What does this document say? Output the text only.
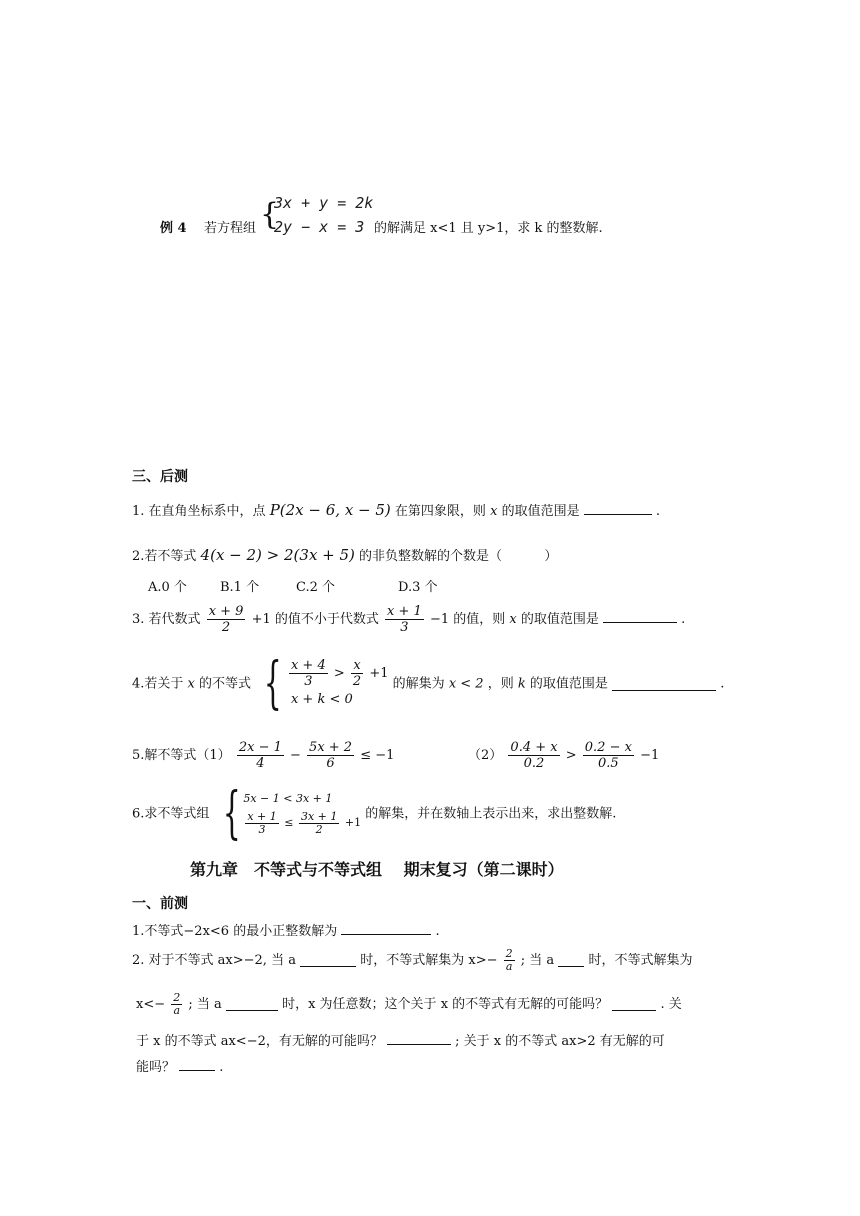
例 4 若方程组 {
3x + y = 2k
2y − x = 3 的解满足 x<1 且 y>1，求 k 的整数解.
三、后测
1. 在直角坐标系中，点 P(2x − 6, x − 5) 在第四象限，则 x 的取值范围是	.
2.若不等式 4(x − 2) > 2(3x + 5) 的非负整数解的个数是（	）
A.0 个	B.1 个	C.2 个	D.3 个
3. 若代数式 $\frac{x + 9}{2} +1$ 的值不小于代数式 $\frac{x + 1}{3} -1$ 的值，则 x 的取值范围是	.
4.若关于 x 的不等式 { $\frac{x + 4}{3} > \frac{x}{2} +1$
x + k < 0
的解集为 x < 2 ，则 k 的取值范围是	.
5.解不等式$(1) \frac{2x - 1}{4} - \frac{5x + 2}{6} \le -1$	$(2) \frac{0.4 + x}{0.2} > \frac{0.2 - x}{0.5} -1$
6.求不等式组 { 5x − 1 < 3x + 1
$\frac{x + 1}{3} \le \frac{3x + 1}{2} +1$
的解集，并在数轴上表示出来，求出整数解.
第九章　不等式与不等式组　 期末复习（第二课时）
一、前测
1.不等式−2x<6 的最小正整数解为	.
2. 对于不等式 ax>−2, 当 a	时，不等式解集为 $x>- \frac{2}{a}$ ; 当 a	时，不等式解集为
$x<- \frac{2}{a}$ ; 当 a	时，x 为任意数；这个关于 x 的不等式有无解的可能吗？	. 关
于 x 的不等式 ax<−2，有无解的可能吗？	; 关于 x 的不等式 ax>2 有无解的可
能吗？	.
